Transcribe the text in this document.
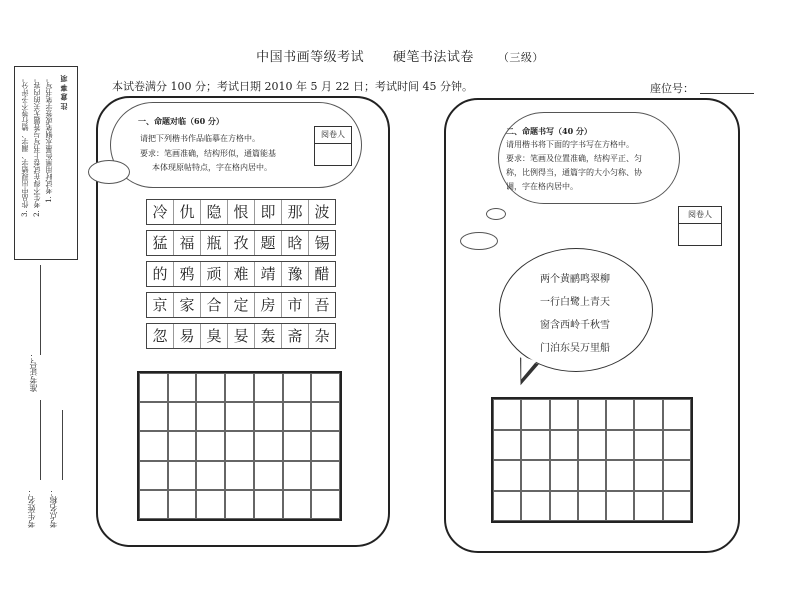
中国书画等级考试 硬笔书法试卷 （三级）
本试卷满分 100 分；考试日期 2010 年 5 月 22 日；考试时间 45 分钟。	座位号：
注 意 事 项
1. 考试时用黑色墨水钢笔或签字笔书写。
2. 考生不得在试卷上书写与答题无关的内容。
3. 作品中出现错字、漏字、错行等不予评分。
准考证号：
考生姓名： 考点名称：
一、命题对临（60 分）
请把下列楷书作品临摹在方格中。
要求：笔画准确，结构形似，通篇能基
本体现原帖特点，字在格内居中。
阅卷人
冷 仇 隐 恨 即 那 波
猛 福 瓶 孜 题 晗 锡
的 鸦 顽 难 靖 豫 醋
京 家 合 定 房 市 吾
忽 易 臭 妟 轰 斋 杂
二、命题书写（40 分）
请用楷书将下面的字书写在方格中。
要求：笔画及位置准确，结构平正、匀
称，比例得当，通篇字的大小匀称、协
调，字在格内居中。
阅卷人
两个黄鹂鸣翠柳
一行白鹭上青天
窗含西岭千秋雪
门泊东吴万里船
